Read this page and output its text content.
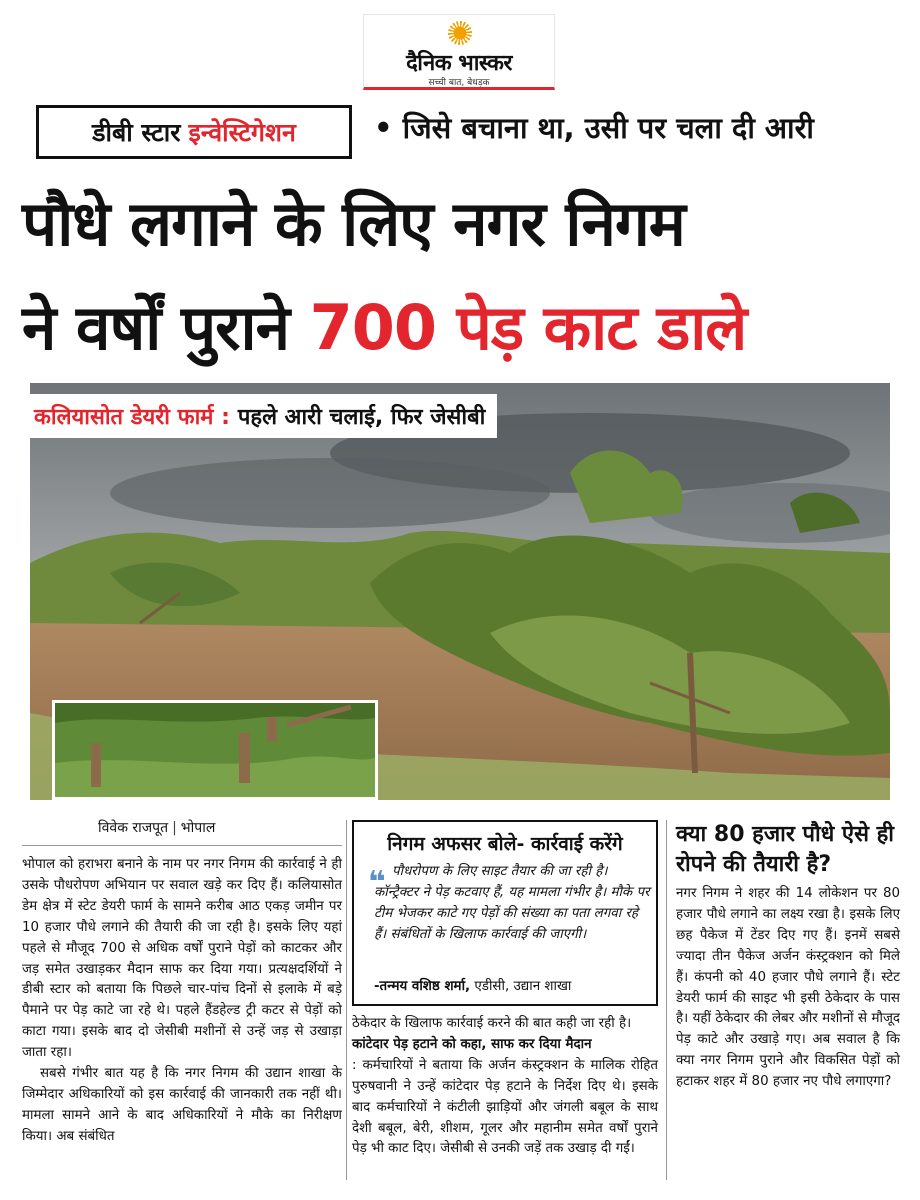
दैनिक भास्कर
सच्ची बात, बेधड़क
डीबी स्टार इन्वेस्टिगेशन	• जिसे बचाना था, उसी पर चला दी आरी
पौधे लगाने के लिए नगर निगम
ने वर्षों पुराने 700 पेड़ काट डाले
कलियासोत डेयरी फार्म : पहले आरी चलाई, फिर जेसीबी
विवेक राजपूत | भोपाल

भोपाल को हराभरा बनाने के नाम पर नगर निगम की कार्रवाई ने ही उसके पौधरोपण अभियान पर सवाल खड़े कर दिए हैं। कलियासोत डेम क्षेत्र में स्टेट डेयरी फार्म के सामने करीब आठ एकड़ जमीन पर 10 हजार पौधे लगाने की तैयारी की जा रही है। इसके लिए यहां पहले से मौजूद 700 से अधिक वर्षों पुराने पेड़ों को काटकर और जड़ समेत उखाड़कर मैदान साफ कर दिया गया। प्रत्यक्षदर्शियों ने डीबी स्टार को बताया कि पिछले चार-पांच दिनों से इलाके में बड़े पैमाने पर पेड़ काटे जा रहे थे। पहले हैंडहेल्ड ट्री कटर से पेड़ों को काटा गया। इसके बाद दो जेसीबी मशीनों से उन्हें जड़ से उखाड़ा जाता रहा।

सबसे गंभीर बात यह है कि नगर निगम की उद्यान शाखा के जिम्मेदार अधिकारियों को इस कार्रवाई की जानकारी तक नहीं थी। मामला सामने आने के बाद अधिकारियों ने मौके का निरीक्षण किया। अब संबंधित

निगम अफसर बोले- कार्रवाई करेंगे
❝ पौधरोपण के लिए साइट तैयार की जा रही है। कॉन्ट्रैक्टर ने पेड़ कटवाए हैं, यह मामला गंभीर है। मौके पर टीम भेजकर काटे गए पेड़ों की संख्या का पता लगवा रहे हैं। संबंधितों के खिलाफ कार्रवाई की जाएगी।
-तन्मय वशिष्ठ शर्मा, एडीसी, उद्यान शाखा

ठेकेदार के खिलाफ कार्रवाई करने की बात कही जा रही है।

कांटेदार पेड़ हटाने को कहा, साफ कर दिया मैदान

: कर्मचारियों ने बताया कि अर्जन कंस्ट्रक्शन के मालिक रोहित पुरुषवानी ने उन्हें कांटेदार पेड़ हटाने के निर्देश दिए थे। इसके बाद कर्मचारियों ने कंटीली झाड़ियों और जंगली बबूल के साथ देशी बबूल, बेरी, शीशम, गूलर और महानीम समेत वर्षों पुराने पेड़ भी काट दिए। जेसीबी से उनकी जड़ें तक उखाड़ दी गईं।

क्या 80 हजार पौधे ऐसे ही रोपने की तैयारी है?
नगर निगम ने शहर की 14 लोकेशन पर 80 हजार पौधे लगाने का लक्ष्य रखा है। इसके लिए छह पैकेज में टेंडर दिए गए हैं। इनमें सबसे ज्यादा तीन पैकेज अर्जन कंस्ट्रक्शन को मिले हैं। कंपनी को 40 हजार पौधे लगाने हैं। स्टेट डेयरी फार्म की साइट भी इसी ठेकेदार के पास है। यहीं ठेकेदार की लेबर और मशीनों से मौजूद पेड़ काटे और उखाड़े गए। अब सवाल है कि क्या नगर निगम पुराने और विकसित पेड़ों को हटाकर शहर में 80 हजार नए पौधे लगाएगा?
